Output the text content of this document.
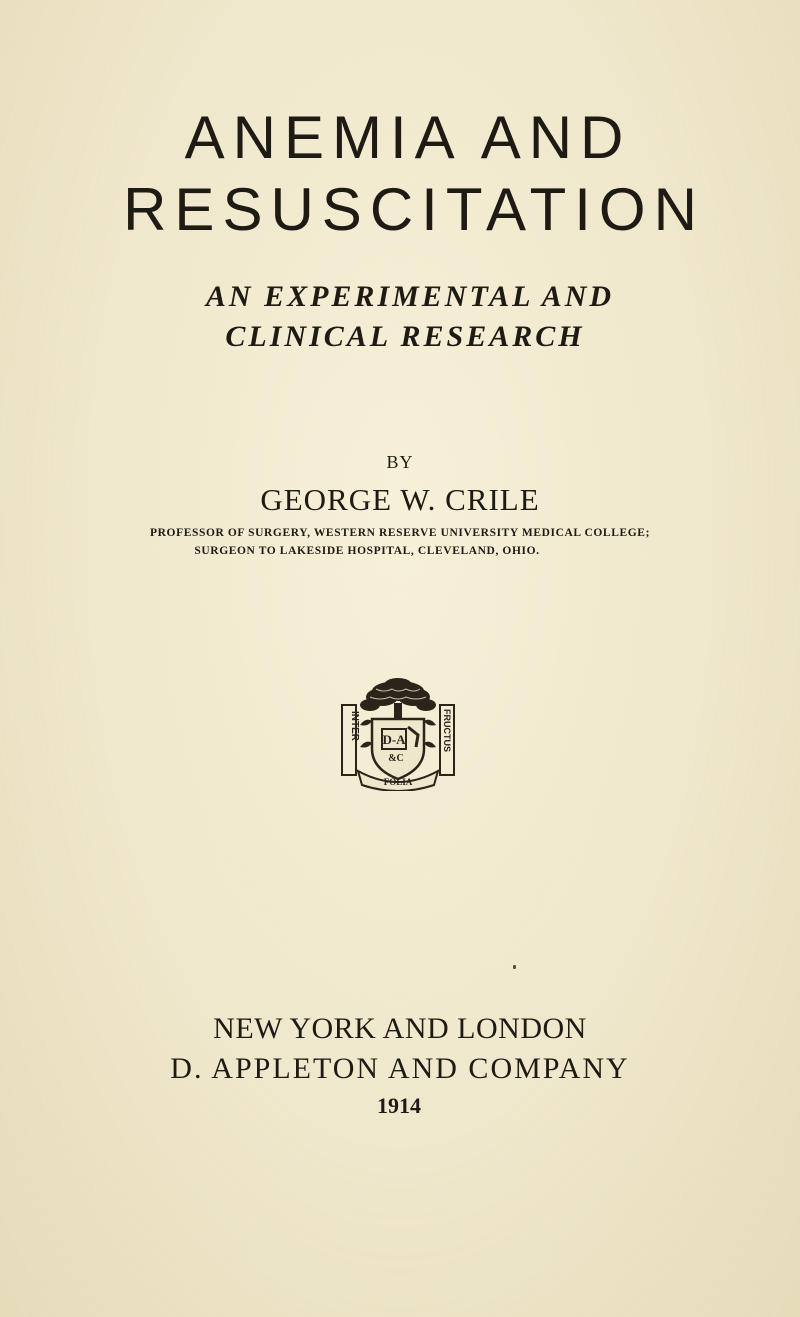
ANEMIA AND
RESUSCITATION
AN EXPERIMENTAL AND
CLINICAL RESEARCH
BY
GEORGE W. CRILE
PROFESSOR OF SURGERY, WESTERN RESERVE UNIVERSITY MEDICAL COLLEGE;
SURGEON TO LAKESIDE HOSPITAL, CLEVELAND, OHIO.
INTER	FRUCTUS
D-A
&C
FOLIA
NEW YORK AND LONDON
D. APPLETON AND COMPANY
1914
